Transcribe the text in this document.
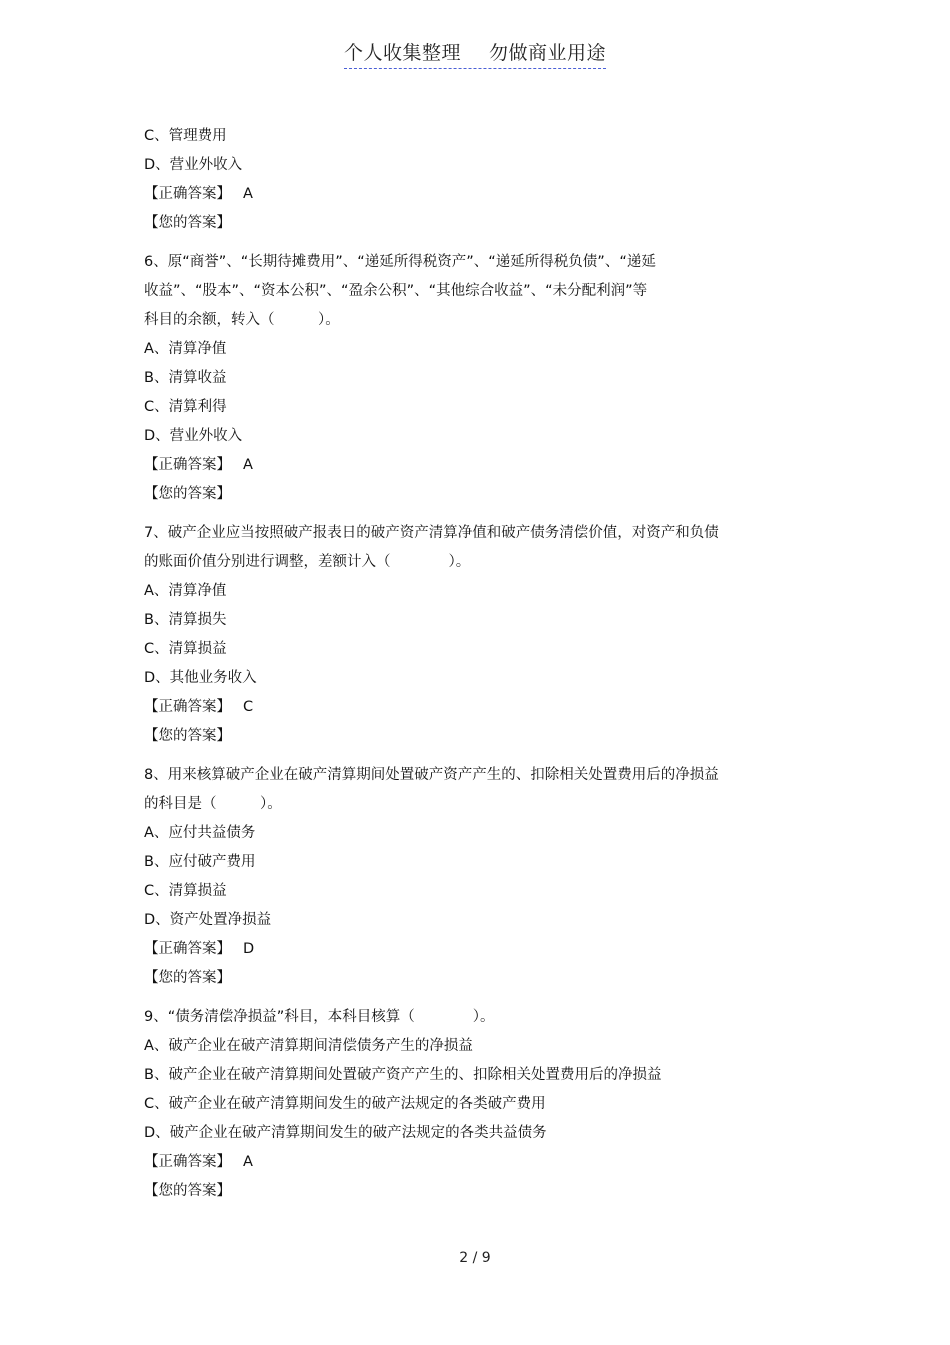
个人收集整理 勿做商业用途
C、管理费用
D、营业外收入
【正确答案】 A
【您的答案】
6、原“商誉”、“长期待摊费用”、“递延所得税资产”、“递延所得税负债”、“递延
收益”、“股本”、“资本公积”、“盈余公积”、“其他综合收益”、“未分配利润”等
科目的余额，转入（　　　）。
A、清算净值
B、清算收益
C、清算利得
D、营业外收入
【正确答案】 A
【您的答案】
7、破产企业应当按照破产报表日的破产资产清算净值和破产债务清偿价值，对资产和负债
的账面价值分别进行调整，差额计入（　　　　）。
A、清算净值
B、清算损失
C、清算损益
D、其他业务收入
【正确答案】 C
【您的答案】
8、用来核算破产企业在破产清算期间处置破产资产产生的、扣除相关处置费用后的净损益
的科目是（　　　）。
A、应付共益债务
B、应付破产费用
C、清算损益
D、资产处置净损益
【正确答案】 D
【您的答案】
9、“债务清偿净损益”科目，本科目核算（　　　　）。
A、破产企业在破产清算期间清偿债务产生的净损益
B、破产企业在破产清算期间处置破产资产产生的、扣除相关处置费用后的净损益
C、破产企业在破产清算期间发生的破产法规定的各类破产费用
D、破产企业在破产清算期间发生的破产法规定的各类共益债务
【正确答案】 A
【您的答案】
2 / 9
